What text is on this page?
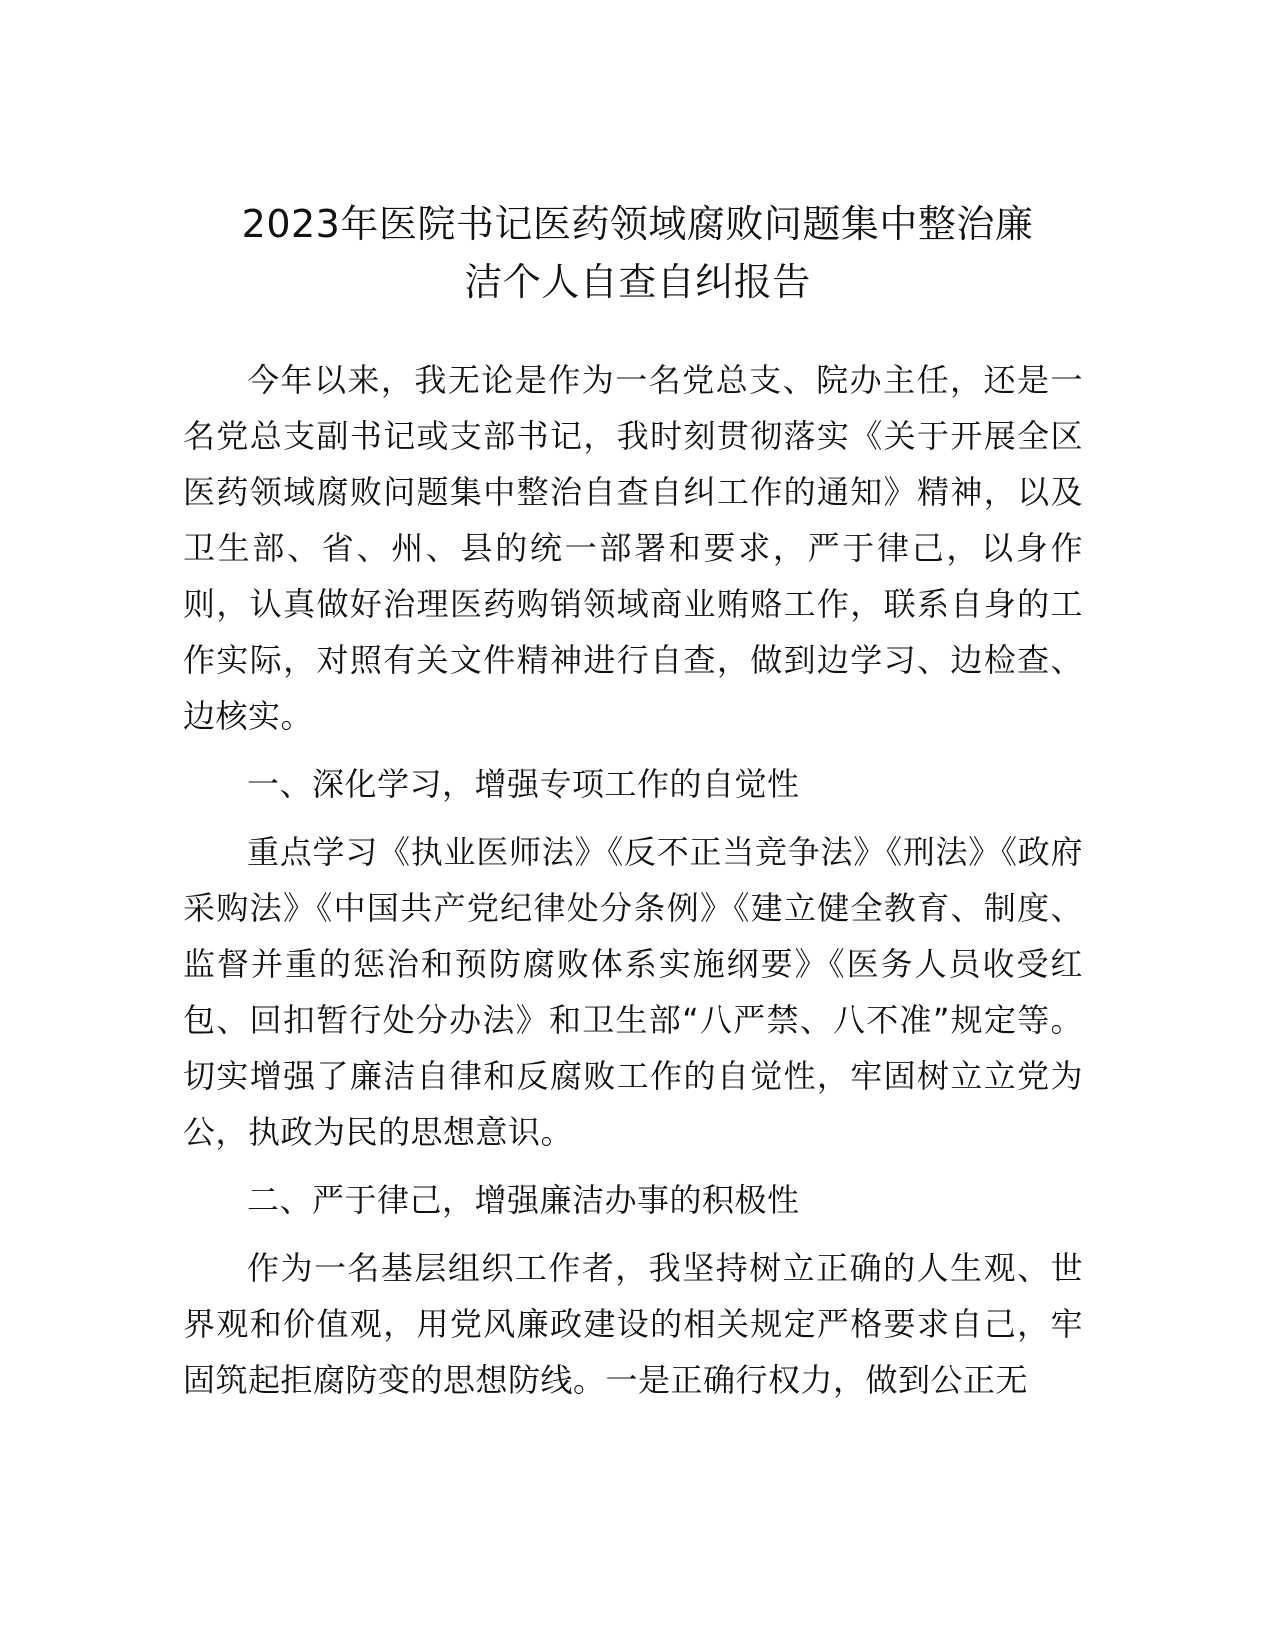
2023年医院书记医药领域腐败问题集中整治廉
洁个人自查自纠报告

今年以来，我无论是作为一名党总支、院办主任，还是一名党总支副书记或支部书记，我时刻贯彻落实《关于开展全区医药领域腐败问题集中整治自查自纠工作的通知》精神，以及卫生部、省、州、县的统一部署和要求，严于律己，以身作则，认真做好治理医药购销领域商业贿赂工作，联系自身的工作实际，对照有关文件精神进行自查，做到边学习、边检查、边核实。

一、深化学习，增强专项工作的自觉性

重点学习《执业医师法》《反不正当竞争法》《刑法》《政府采购法》《中国共产党纪律处分条例》《建立健全教育、制度、监督并重的惩治和预防腐败体系实施纲要》《医务人员收受红包、回扣暂行处分办法》和卫生部“八严禁、八不准”规定等。切实增强了廉洁自律和反腐败工作的自觉性，牢固树立立党为公，执政为民的思想意识。

二、严于律己，增强廉洁办事的积极性

作为一名基层组织工作者，我坚持树立正确的人生观、世界观和价值观，用党风廉政建设的相关规定严格要求自己，牢固筑起拒腐防变的思想防线。一是正确行权力，做到公正无
